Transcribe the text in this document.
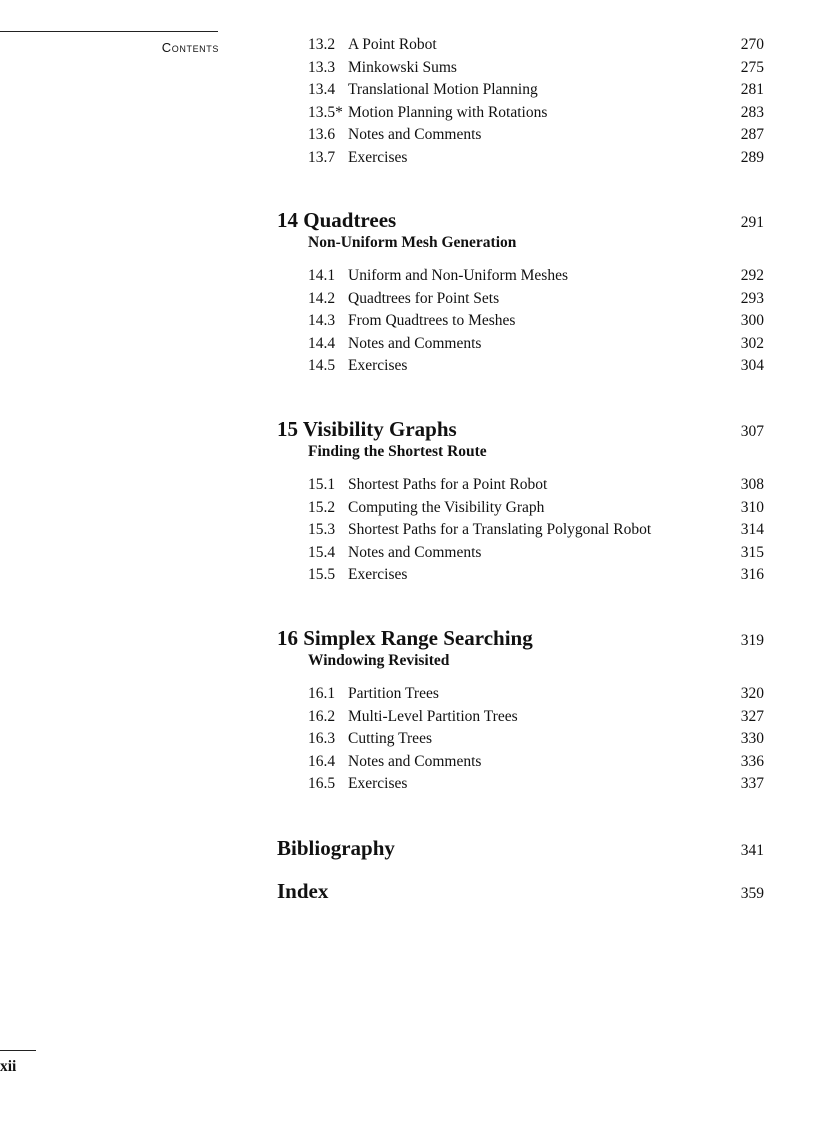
Contents	13.2 A Point Robot	270
13.3 Minkowski Sums	275
13.4 Translational Motion Planning	281
13.5* Motion Planning with Rotations	283
13.6 Notes and Comments	287
13.7 Exercises	289
14 Quadtrees	291
Non-Uniform Mesh Generation
14.1 Uniform and Non-Uniform Meshes	292
14.2 Quadtrees for Point Sets	293
14.3 From Quadtrees to Meshes	300
14.4 Notes and Comments	302
14.5 Exercises	304
15 Visibility Graphs	307
Finding the Shortest Route
15.1 Shortest Paths for a Point Robot	308
15.2 Computing the Visibility Graph	310
15.3 Shortest Paths for a Translating Polygonal Robot	314
15.4 Notes and Comments	315
15.5 Exercises	316
16 Simplex Range Searching	319
Windowing Revisited
16.1 Partition Trees	320
16.2 Multi-Level Partition Trees	327
16.3 Cutting Trees	330
16.4 Notes and Comments	336
16.5 Exercises	337
Bibliography	341
Index	359
xii
